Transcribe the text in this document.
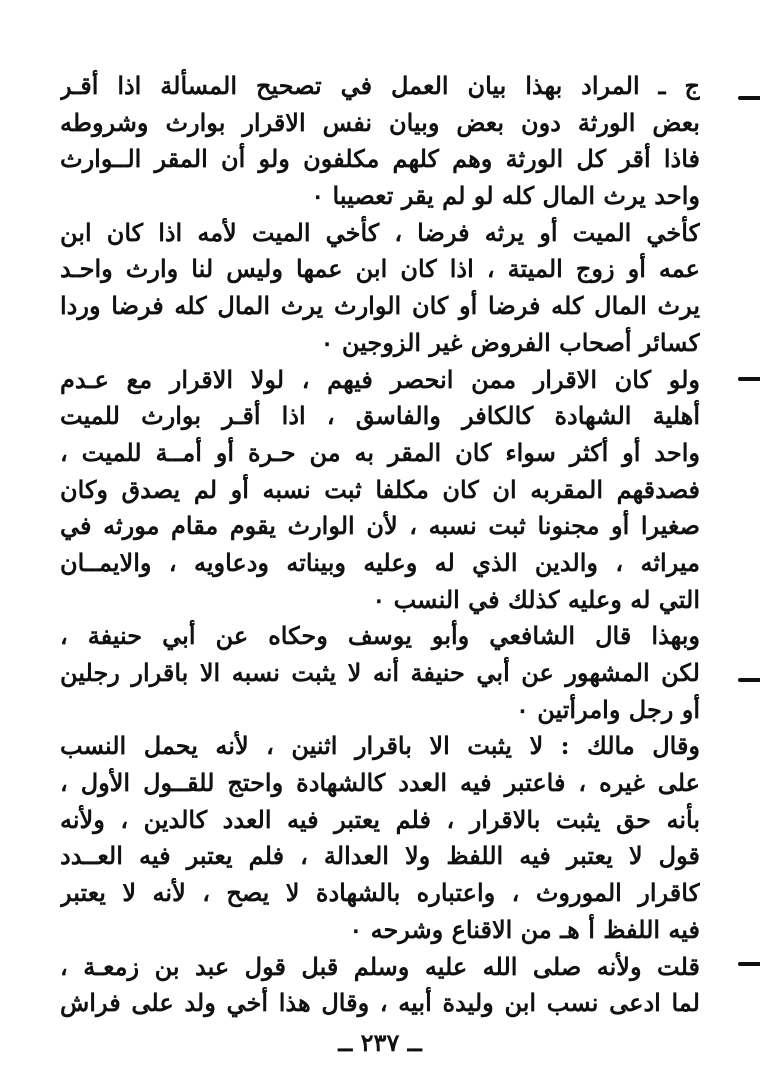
ج ـ المراد بهذا بيان العمل في تصحيح المسألة اذا أقـر
بعض الورثة دون بعض وبيان نفس الاقرار بوارث وشروطه
فاذا أقر كل الورثة وهم كلهم مكلفون ولو أن المقر الــوارث
واحد يرث المال كله لو لم يقر تعصيبا ٠
كأخي الميت أو يرثه فرضا ، كأخي الميت لأمه اذا كان ابن
عمه أو زوج الميتة ، اذا كان ابن عمها وليس لنا وارث واحـد
يرث المال كله فرضا أو كان الوارث يرث المال كله فرضا وردا
كسائر أصحاب الفروض غير الزوجين ٠
ولو كان الاقرار ممن انحصر فيهم ، لولا الاقرار مع عـدم
أهلية الشهادة كالكافر والفاسق ، اذا أقـر بوارث للميت
واحد أو أكثر سواء كان المقر به من حـرة أو أمــة للميت ،
فصدقهم المقربه ان كان مكلفا ثبت نسبه أو لم يصدق وكان
صغيرا أو مجنونا ثبت نسبه ، لأن الوارث يقوم مقام مورثه في
ميراثه ، والدين الذي له وعليه وبيناته ودعاويه ، والايمــان
التي له وعليه كذلك في النسب ٠
وبهذا قال الشافعي وأبو يوسف وحكاه عن أبي حنيفة ،
لكن المشهور عن أبي حنيفة أنه لا يثبت نسبه الا باقرار رجلين
أو رجل وامرأتين ٠
وقال مالك : لا يثبت الا باقرار اثنين ، لأنه يحمل النسب
على غيره ، فاعتبر فيه العدد كالشهادة واحتج للقــول الأول ،
بأنه حق يثبت بالاقرار ، فلم يعتبر فيه العدد كالدين ، ولأنه
قول لا يعتبر فيه اللفظ ولا العدالة ، فلم يعتبر فيه العــدد
كاقرار الموروث ، واعتباره بالشهادة لا يصح ، لأنه لا يعتبر
فيه اللفظ أ هـ من الاقناع وشرحه ٠
قلت ولأنه صلى الله عليه وسلم قبل قول عبد بن زمعـة ،
لما ادعى نسب ابن وليدة أبيه ، وقال هذا أخي ولد على فراش
ــ ٢٣٧ ــ
